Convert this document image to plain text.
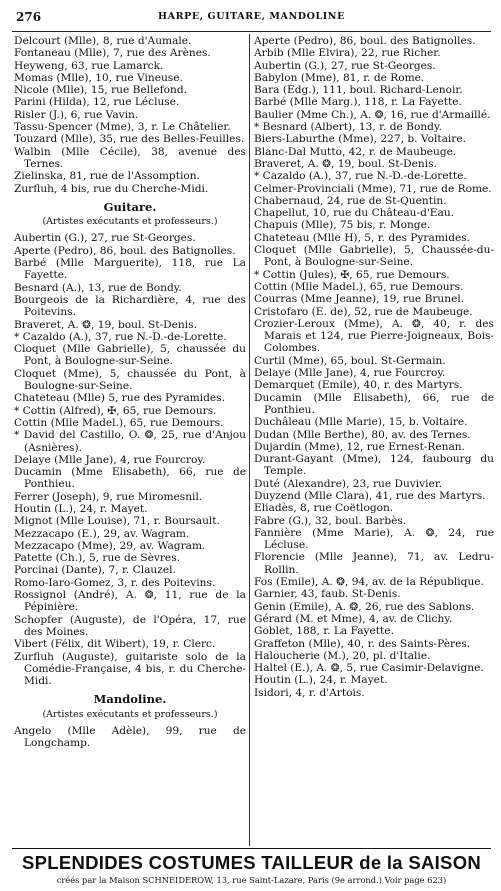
276	HARPE, GUITARE, MANDOLINE

Delcourt (Mlle), 8, rue d'Aumale.

Fontaneau (Mlle), 7, rue des Arènes.

Heyweng, 63, rue Lamarck.

Momas (Mlle), 10, rue Vineuse.

Nicole (Mlle), 15, rue Bellefond.

Parini (Hilda), 12, rue Lécluse.

Risler (J.), 6, rue Vavin.

Tassu-Spencer (Mme), 3, r. Le Châtelier.

Touzard (Mlle), 35, rue des Belles-Feuilles.

Walbin (Mlle Cécile), 38, avenue des Ternes.

Zielinska, 81, rue de l'Assomption.

Zurfluh, 4 bis, rue du Cherche-Midi.

Guitare.
(Artistes exécutants et professeurs.)

Aubertin (G.), 27, rue St-Georges.

Aperte (Pedro), 86, boul. des Batignolles.

Barbé (Mlle Marguerite), 118, rue La Fayette.

Besnard (A.), 13, rue de Bondy.

Bourgeois de la Richardière, 4, rue des Poitevins.

Braveret, A. ❂, 19, boul. St-Denis.

* Cazaldo (A.), 37, rue N.-D.-de-Lorette.

Cloquet (Mlle Gabrielle), 5, chaussée du Pont, à Boulogne-sur-Seine.

Cloquet (Mme), 5, chaussée du Pont, à Boulogne-sur-Seine.

Chateteau (Mlle) 5, rue des Pyramides.

* Cottin (Alfred), ✠, 65, rue Demours.

Cottin (Mlle Madel.), 65, rue Demours.

* David del Castillo, O. ❂, 25, rue d'Anjou (Asnières).

Delaye (Mlle Jane), 4, rue Fourcroy.

Ducamin (Mme Elisabeth), 66, rue de Ponthieu.

Ferrer (Joseph), 9, rue Miromesnil.

Houtin (L.), 24, r. Mayet.

Mignot (Mlle Louise), 71, r. Boursault.

Mezzacapo (E.), 29, av. Wagram.

Mezzacapo (Mme), 29, av. Wagram.

Patette (Ch.), 5, rue de Sèvres.

Porcinai (Dante), 7, r. Clauzel.

Romo-Iaro-Gomez, 3, r. des Poitevins.

Rossignol (André), A. ❂, 11, rue de la Pépinière.

Schopfer (Auguste), de l'Opéra, 17, rue des Moines.

Vibert (Félix, dit Wibert), 19, r. Clerc.

Zurfluh (Auguste), guitariste solo de la Comédie-Française, 4 bis, r. du Cherche-Midi.

Mandoline.
(Artistes exécutants et professeurs.)

Angelo (Mlle Adèle), 99, rue de Longchamp.

Aperte (Pedro), 86, boul. des Batignolles.

Arbib (Mlle Elvira), 22, rue Richer.

Aubertin (G.), 27, rue St-Georges.

Babylon (Mme), 81, r. de Rome.

Bara (Edg.), 111, boul. Richard-Lenoir.

Barbé (Mlle Marg.), 118, r. La Fayette.

Baulier (Mme Ch.), A. ❂, 16, rue d'Armaillé.

* Besnard (Albert), 13, r. de Bondy.

Biers-Laburthe (Mme), 227, b. Voltaire.

Blanc-Dal Mutto, 42, r. de Maubeuge.

Braveret, A. ❂, 19, boul. St-Denis.

* Cazaldo (A.), 37, rue N.-D.-de-Lorette.

Celmer-Provinciali (Mme), 71, rue de Rome.

Chabernaud, 24, rue de St-Quentin.

Chapellut, 10, rue du Château-d'Eau.

Chapuis (Mlle), 75 bis, r. Monge.

Chateteau (Mlle H), 5, r. des Pyramides.

Cloquet (Mlle Gabrielle), 5, Chaussée-du-Pont, à Boulogne-sur-Seine.

* Cottin (Jules), ✠, 65, rue Demours.

Cottin (Mlle Madel.), 65, rue Demours.

Courras (Mme Jeanne), 19, rue Brunel.

Cristofaro (E. de), 52, rue de Maubeuge.

Crozier-Leroux (Mme), A. ❂, 40, r. des Marais et 124, rue Pierre-Joigneaux, Bois-Colombes.

Curtil (Mme), 65, boul. St-Germain.

Delaye (Mlle Jane), 4, rue Fourcroy.

Demarquet (Emile), 40, r. des Martyrs.

Ducamin (Mlle Elisabeth), 66, rue de Ponthieu.

Duchâleau (Mlle Marie), 15, b. Voltaire.

Dudan (Mlle Berthe), 80, av. des Ternes.

Dujardin (Mme), 12, rue Ernest-Renan.

Durant-Gayant (Mme), 124, faubourg du Temple.

Duté (Alexandre), 23, rue Duvivier.

Duyzend (Mlle Clara), 41, rue des Martyrs.

Eliadès, 8, rue Coëtlogon.

Fabre (G.), 32, boul. Barbès.

Fannière (Mme Marie), A. ❂, 24, rue Lécluse.

Florencie (Mlle Jeanne), 71, av. Ledru-Rollin.

Fos (Emile), A. ❂, 94, av. de la République.

Garnier, 43, faub. St-Denis.

Genin (Emile), A. ❂, 26, rue des Sablons.

Gérard (M. et Mme), 4, av. de Clichy.

Goblet, 188, r. La Fayette.

Graffeton (Mlle), 40, r. des Saints-Pères.

Haloucherie (M.), 20, pl. d'Italie.

Haltel (E.), A. ❂, 5, rue Casimir-Delavigne.

Houtin (L.), 24, r. Mayet.

Isidori, 4, r. d'Artois.

SPLENDIDES COSTUMES TAILLEUR de la SAISON
créés par la Maison SCHNEIDEROW, 13, rue Saint-Lazare, Paris (9e arrond.) Voir page 623)
